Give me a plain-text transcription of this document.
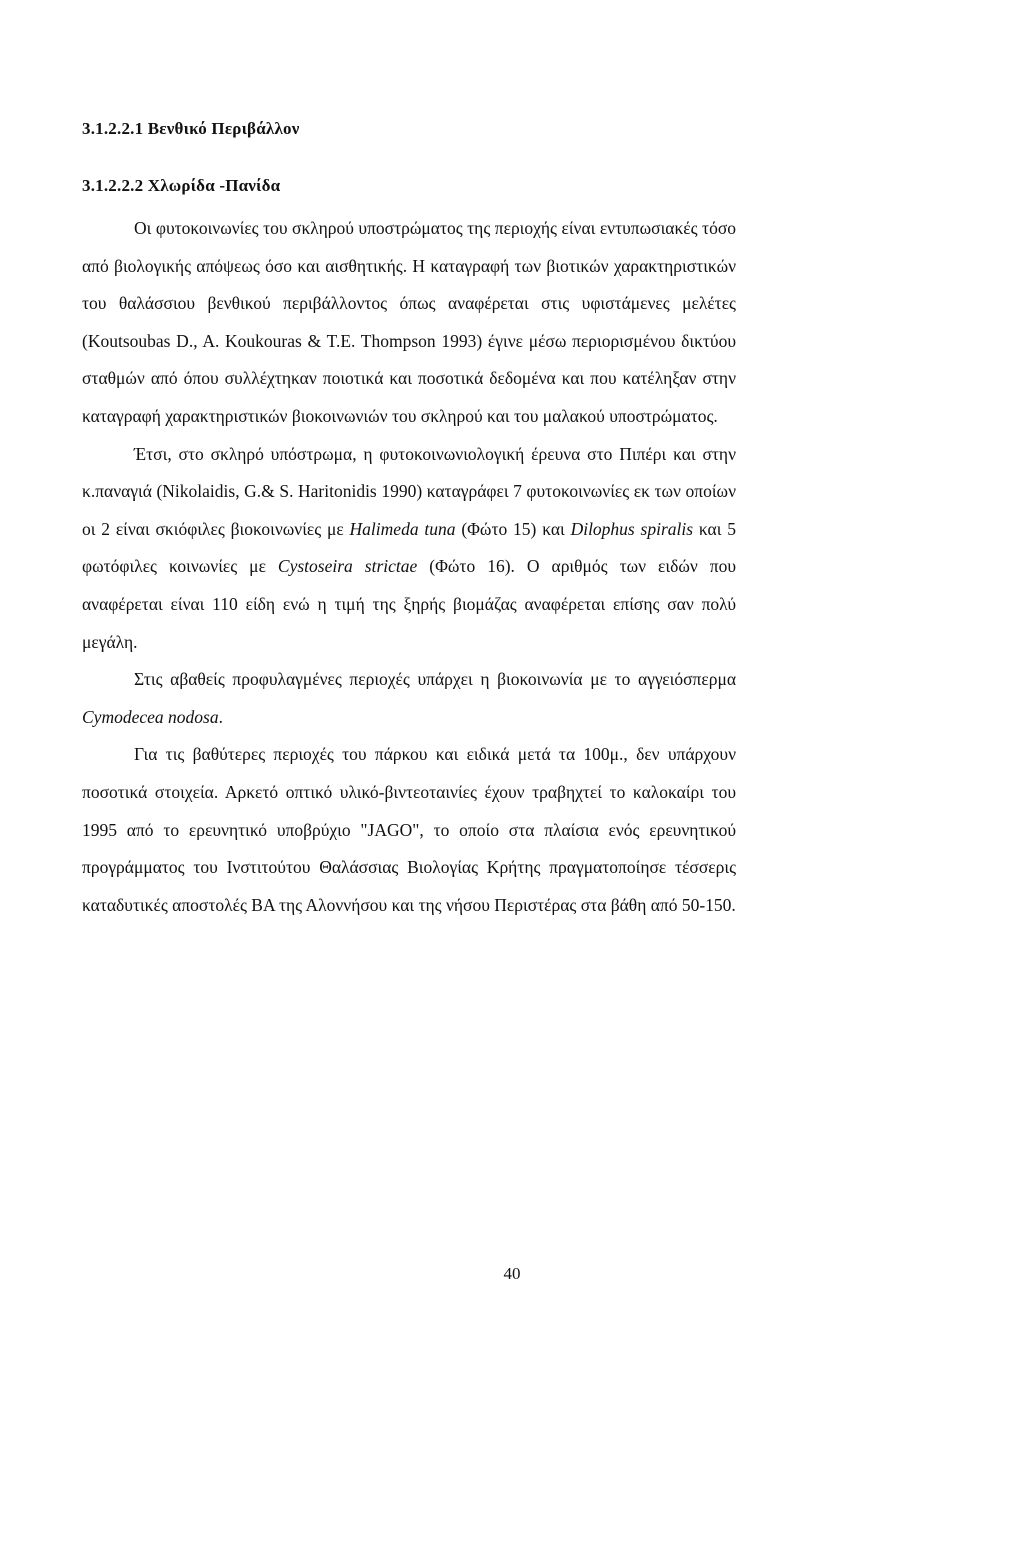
3.1.2.2.1 Βενθικό Περιβάλλον
3.1.2.2.2 Χλωρίδα -Πανίδα

Οι φυτοκοινωνίες του σκληρού υποστρώματος της περιοχής είναι εντυπωσιακές τόσο από βιολογικής απόψεως όσο και αισθητικής. Η καταγραφή των βιοτικών χαρακτηριστικών του θαλάσσιου βενθικού περιβάλλοντος όπως αναφέρεται στις υφιστάμενες μελέτες (Koutsoubas D., A. Koukouras & T.E. Thompson 1993) έγινε μέσω περιορισμένου δικτύου σταθμών από όπου συλλέχτηκαν ποιοτικά και ποσοτικά δεδομένα και που κατέληξαν στην καταγραφή χαρακτηριστικών βιοκοινωνιών του σκληρού και του μαλακού υποστρώματος.

Έτσι, στο σκληρό υπόστρωμα, η φυτοκοινωνιολογική έρευνα στο Πιπέρι και στην κ.παναγιά (Nikolaidis, G.& S. Haritonidis 1990) καταγράφει 7 φυτοκοινωνίες εκ των οποίων οι 2 είναι σκιόφιλες βιοκοινωνίες με Halimeda tuna (Φώτο 15) και Dilophus spiralis και 5 φωτόφιλες κοινωνίες με Cystoseira strictae (Φώτο 16). Ο αριθμός των ειδών που αναφέρεται είναι 110 είδη ενώ η τιμή της ξηρής βιομάζας αναφέρεται επίσης σαν πολύ μεγάλη.

Στις αβαθείς προφυλαγμένες περιοχές υπάρχει η βιοκοινωνία με το αγγειόσπερμα Cymodecea nodosa.

Για τις βαθύτερες περιοχές του πάρκου και ειδικά μετά τα 100μ., δεν υπάρχουν ποσοτικά στοιχεία. Αρκετό οπτικό υλικό-βιντεοταινίες έχουν τραβηχτεί το καλοκαίρι του 1995 από το ερευνητικό υποβρύχιο "JAGO", το οποίο στα πλαίσια ενός ερευνητικού προγράμματος του Ινστιτούτου Θαλάσσιας Βιολογίας Κρήτης πραγματοποίησε τέσσερις καταδυτικές αποστολές ΒΑ της Αλοννήσου και της νήσου Περιστέρας στα βάθη από 50-150.

40
